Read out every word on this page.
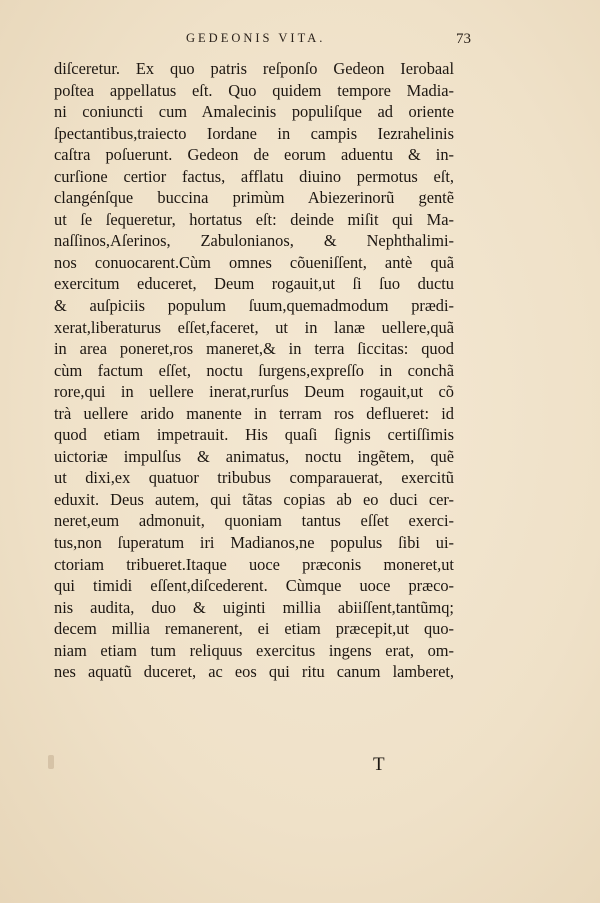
GEDEONIS VITA.	73
diſceretur. Ex quo patris reſponſo Gedeon Ierobaal
poſtea appellatus eſt. Quo quidem tempore Madia-
ni coniuncti cum Amalecinis populiſque ad oriente
ſpectantibus,traiecto Iordane in campis Iezrahelinis
caſtra poſuerunt. Gedeon de eorum aduentu & in-
curſione certior factus, afflatu diuino permotus eſt,
clangénſque buccina primùm Abiezerinorũ gentẽ
ut ſe ſequeretur, hortatus eſt: deinde miſit qui Ma-
naſſinos,Aſerinos, Zabulonianos, & Nephthalimi-
nos conuocarent.Cùm omnes cõueniſſent, antè quã
exercitum educeret, Deum rogauit,ut ſi ſuo ductu
& auſpiciis populum ſuum,quemadmodum prædi-
xerat,liberaturus eſſet,faceret, ut in lanæ uellere,quã
in area poneret,ros maneret,& in terra ſiccitas: quod
cùm factum eſſet, noctu ſurgens,expreſſo in conchã
rore,qui in uellere inerat,rurſus Deum rogauit,ut cõ
trà uellere arido manente in terram ros deflueret: id
quod etiam impetrauit. His quaſi ſignis certiſſimis
uictoriæ impulſus & animatus, noctu ingẽtem, quẽ
ut dixi,ex quatuor tribubus comparauerat, exercitũ
eduxit. Deus autem, qui tãtas copias ab eo duci cer-
neret,eum admonuit, quoniam tantus eſſet exerci-
tus,non ſuperatum iri Madianos,ne populus ſibi ui-
ctoriam tribueret.Itaque uoce præconis moneret,ut
qui timidi eſſent,diſcederent. Cùmque uoce præco-
nis audita, duo & uiginti millia abiiſſent,tantũmq;
decem millia remanerent, ei etiam præcepit,ut quo-
niam etiam tum reliquus exercitus ingens erat, om-
nes aquatũ duceret, ac eos qui ritu canum lamberet,
T
